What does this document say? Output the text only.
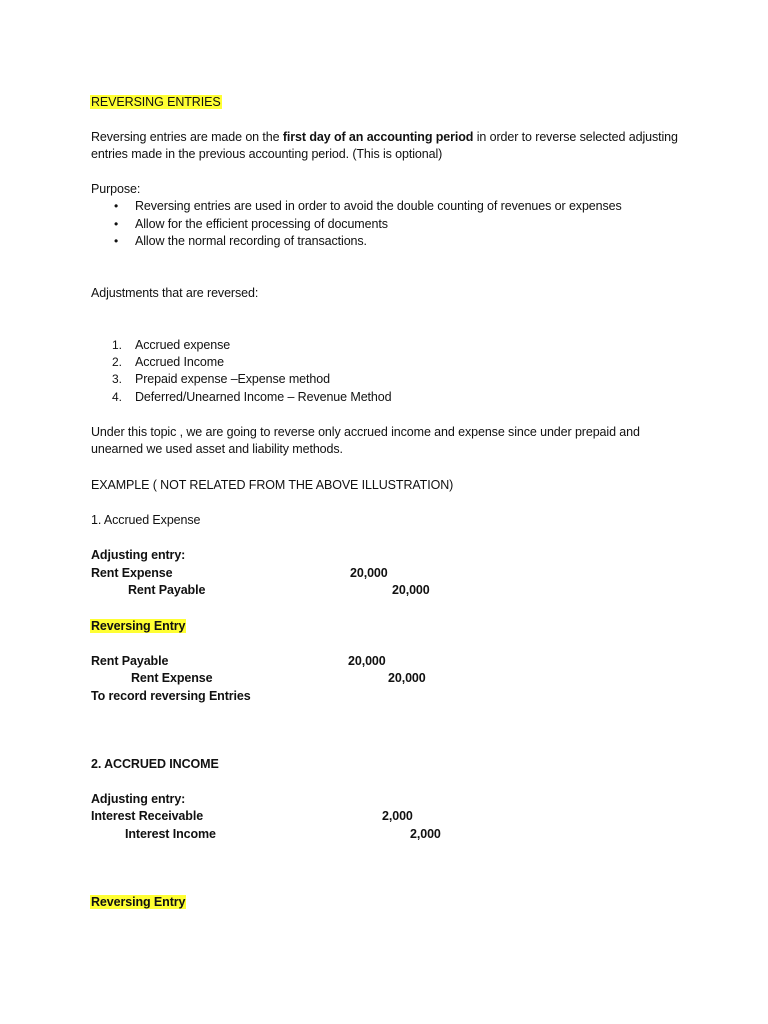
REVERSING ENTRIES
Reversing entries are made on the first day of an accounting period in order to reverse selected adjusting
entries made in the previous accounting period. (This is optional)
Purpose:
• Reversing entries are used in order to avoid the double counting of revenues or expenses
• Allow for the efficient processing of documents
• Allow the normal recording of transactions.
Adjustments that are reversed:
1. Accrued expense
2. Accrued Income
3. Prepaid expense –Expense method
4. Deferred/Unearned Income – Revenue Method
Under this topic , we are going to reverse only accrued income and expense since under prepaid and
unearned we used asset and liability methods.
EXAMPLE ( NOT RELATED FROM THE ABOVE ILLUSTRATION)
1. Accrued Expense
Adjusting entry:
Rent Expense	20,000
Rent Payable	20,000
Reversing Entry
Rent Payable	20,000
Rent Expense	20,000
To record reversing Entries
2. ACCRUED INCOME
Adjusting entry:
Interest Receivable	2,000
Interest Income	2,000
Reversing Entry
